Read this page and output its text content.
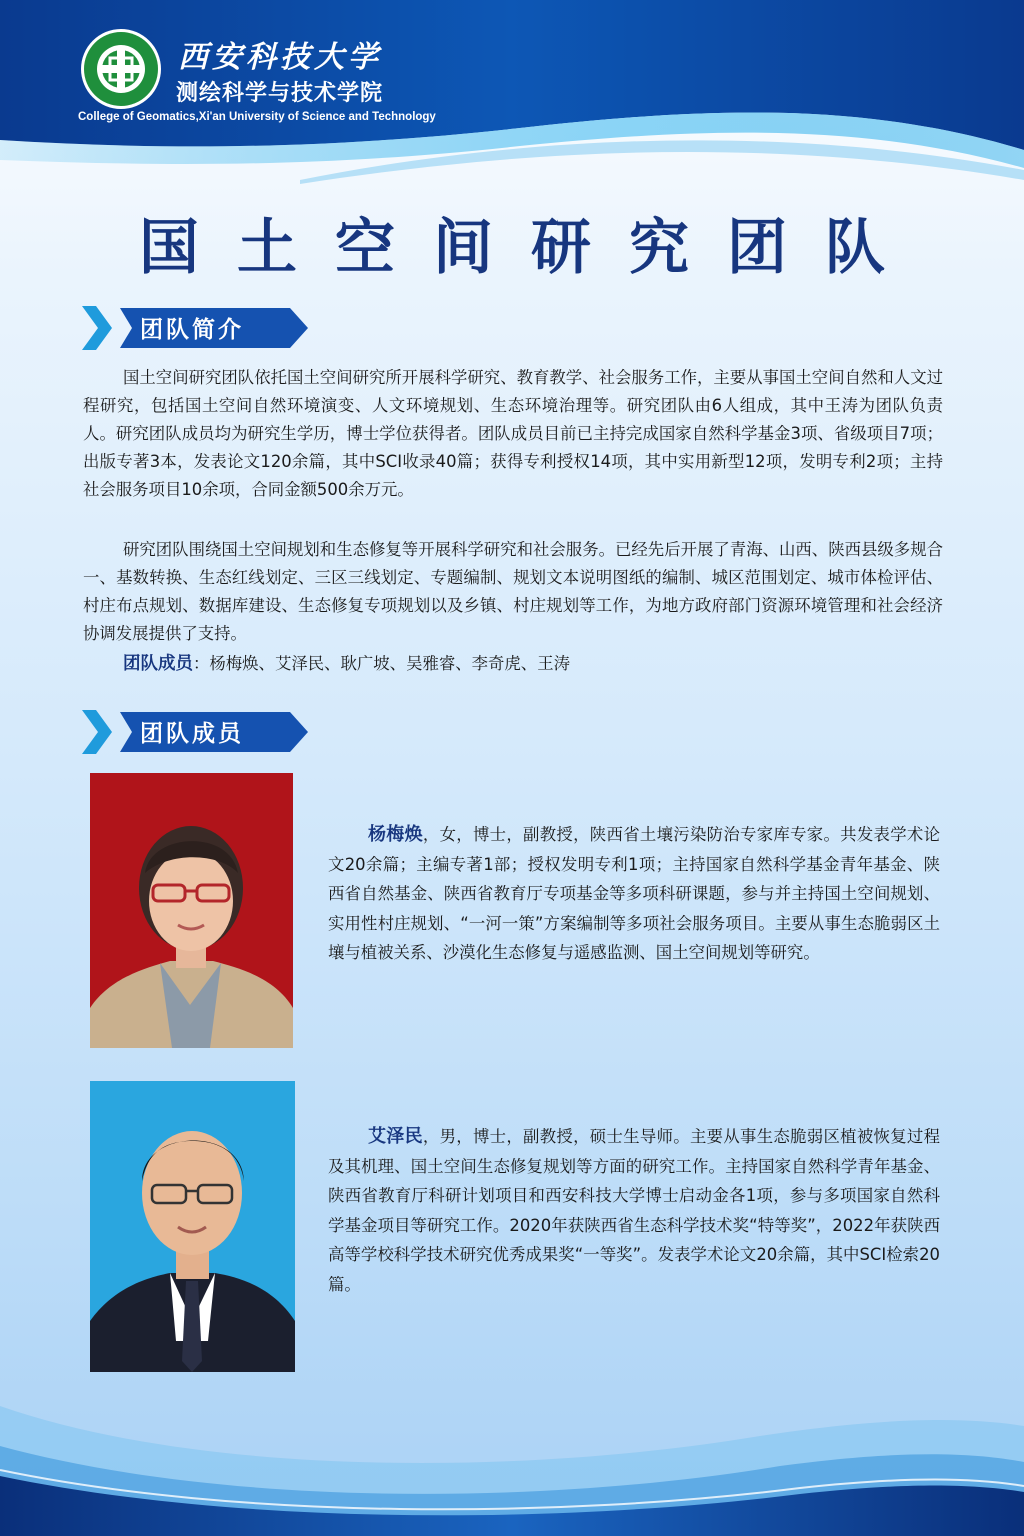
西安科技大学
测绘科学与技术学院
College of Geomatics,Xi'an University of Science and Technology
国土空间研究团队
团队简介

国土空间研究团队依托国土空间研究所开展科学研究、教育教学、社会服务工作，主要从事国土空间自然和人文过程研究，包括国土空间自然环境演变、人文环境规划、生态环境治理等。研究团队由6人组成，其中王涛为团队负责人。研究团队成员均为研究生学历，博士学位获得者。团队成员目前已主持完成国家自然科学基金3项、省级项目7项；出版专著3本，发表论文120余篇，其中SCI收录40篇；获得专利授权14项，其中实用新型12项，发明专利2项；主持社会服务项目10余项，合同金额500余万元。

研究团队围绕国土空间规划和生态修复等开展科学研究和社会服务。已经先后开展了青海、山西、陕西县级多规合一、基数转换、生态红线划定、三区三线划定、专题编制、规划文本说明图纸的编制、城区范围划定、城市体检评估、村庄布点规划、数据库建设、生态修复专项规划以及乡镇、村庄规划等工作，为地方政府部门资源环境管理和社会经济协调发展提供了支持。

团队成员：杨梅焕、艾泽民、耿广坡、吴雅睿、李奇虎、王涛
团队成员

杨梅焕，女，博士，副教授，陕西省土壤污染防治专家库专家。共发表学术论文20余篇；主编专著1部；授权发明专利1项；主持国家自然科学基金青年基金、陕西省自然基金、陕西省教育厅专项基金等多项科研课题，参与并主持国土空间规划、实用性村庄规划、“一河一策”方案编制等多项社会服务项目。主要从事生态脆弱区土壤与植被关系、沙漠化生态修复与遥感监测、国土空间规划等研究。

艾泽民，男，博士，副教授，硕士生导师。主要从事生态脆弱区植被恢复过程及其机理、国土空间生态修复规划等方面的研究工作。主持国家自然科学青年基金、陕西省教育厅科研计划项目和西安科技大学博士启动金各1项，参与多项国家自然科学基金项目等研究工作。2020年获陕西省生态科学技术奖“特等奖”，2022年获陕西高等学校科学技术研究优秀成果奖“一等奖”。发表学术论文20余篇，其中SCI检索20篇。
